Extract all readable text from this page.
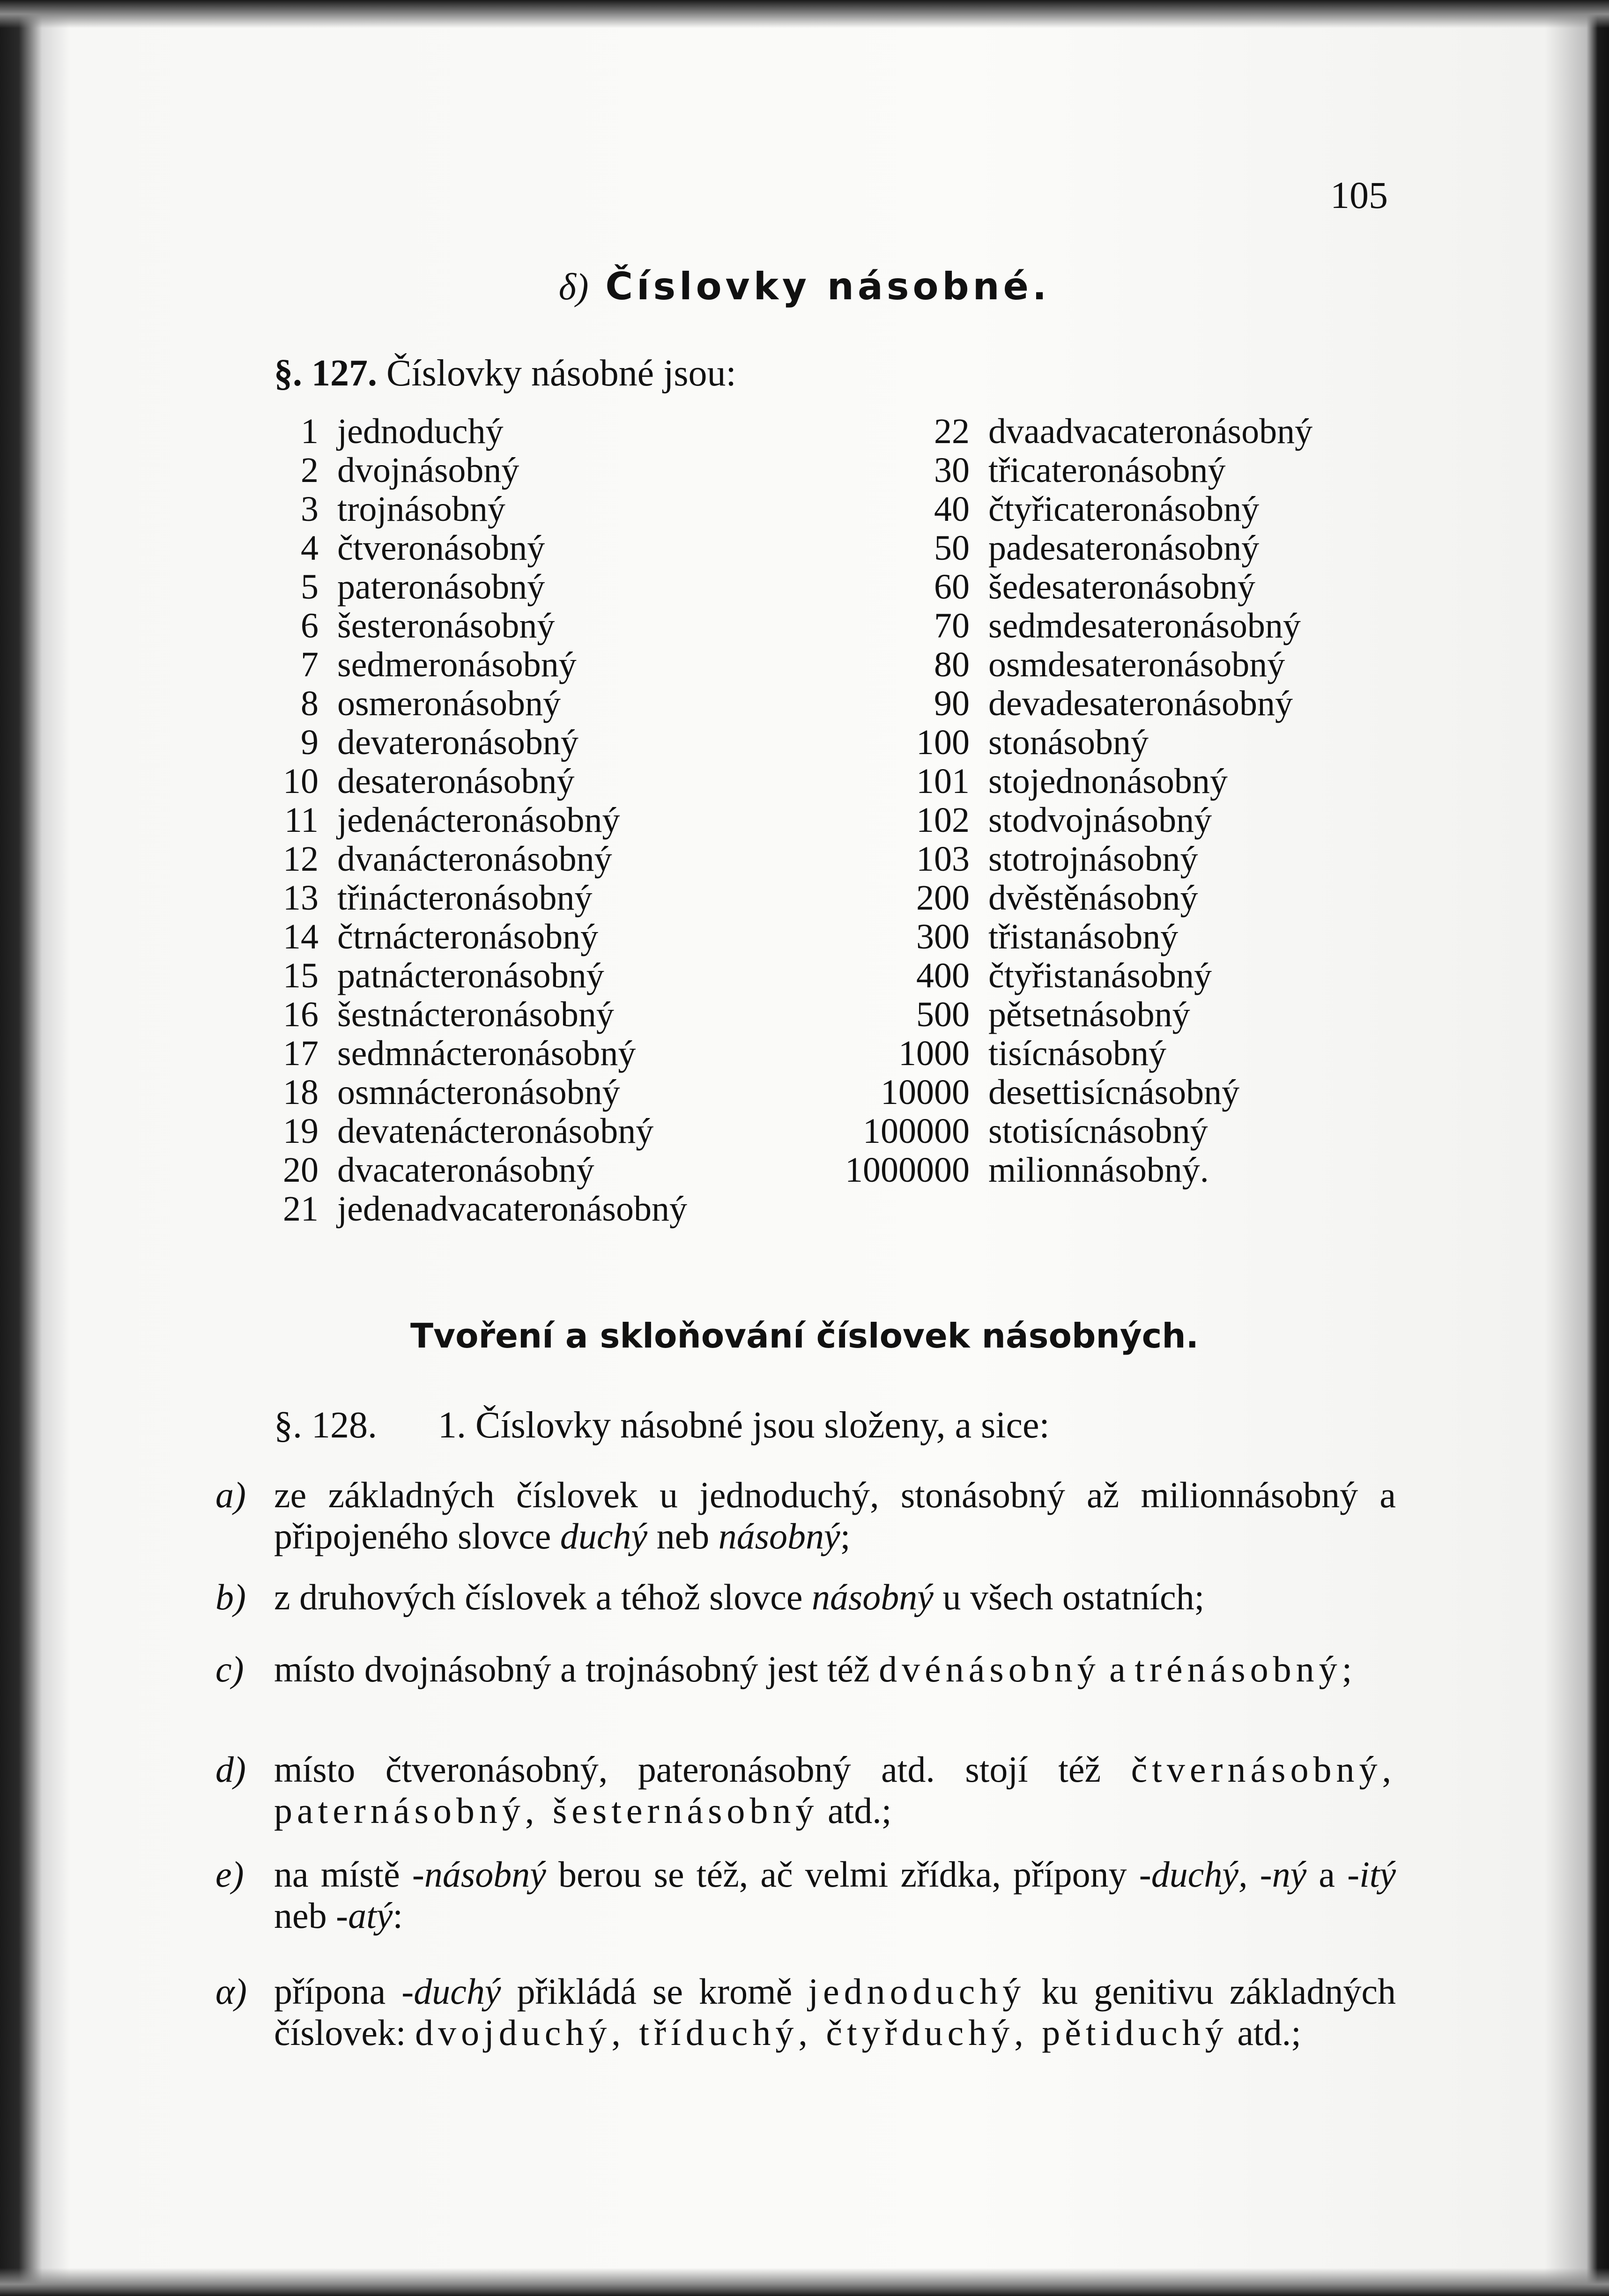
105
δ) Číslovky násobné.
§. 127. Číslovky násobné jsou:
1 jednoduchý
2 dvojnásobný
3 trojnásobný
4 čtveronásobný
5 pateronásobný
6 šesteronásobný
7 sedmeronásobný
8 osmeronásobný
9 devateronásobný
10 desateronásobný
11 jedenácteronásobný
12 dvanácteronásobný
13 třinácteronásobný
14 čtrnácteronásobný
15 patnácteronásobný
16 šestnácteronásobný
17 sedmnácteronásobný
18 osmnácteronásobný
19 devatenácteronásobný
20 dvacateronásobný
21 jedenadvacateronásobný
22 dvaadvacateronásobný
30 třicateronásobný
40 čtyřicateronásobný
50 padesateronásobný
60 šedesateronásobný
70 sedmdesateronásobný
80 osmdesateronásobný
90 devadesateronásobný
100 stonásobný
101 stojednonásobný
102 stodvojnásobný
103 stotrojnásobný
200 dvěstěnásobný
300 třistanásobný
400 čtyřistanásobný
500 pětsetnásobný
1000 tisícnásobný
10000 desettisícnásobný
100000 stotisícnásobný
1000000 milionnásobný.
Tvoření a skloňování číslovek násobných.
§. 128. 1. Číslovky násobné jsou složeny, a sice:
a) ze základných číslovek u jednoduchý, stonásobný až milionnásobný a připojeného slovce duchý neb násobný;
b) z druhových číslovek a téhož slovce násobný u všech ostatních;
c) místo dvojnásobný a trojnásobný jest též dvénásobný a trénásobný;
d) místo čtveronásobný, pateronásobný atd. stojí též čtvernásobný, paternásobný, šesternásobný atd.;
e) na místě -násobný berou se též, ač velmi zřídka, přípony -duchý, -ný a -itý neb -atý:
α) přípona -duchý přikládá se kromě jednoduchý ku genitivu základných číslovek: dvojduchý, tříduchý, čtyřduchý, pětiduchý atd.;
